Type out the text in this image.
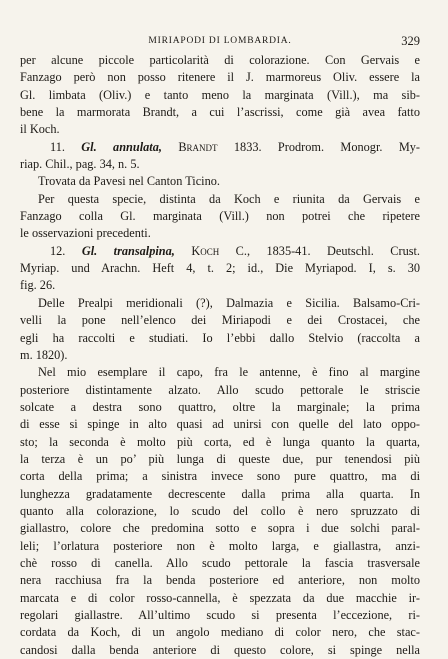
MIRIAPODI DI LOMBARDIA.	329
per alcune piccole particolarità di colorazione. Con Gervais e
Fanzago però non posso ritenere il J. marmoreus Oliv. essere la
Gl. limbata (Oliv.) e tanto meno la marginata (Vill.), ma sib-
bene la marmorata Brandt, a cui l’ascrissi, come già avea fatto
il Koch.
11. Gl. annulata, Brandt 1833. Prodrom. Monogr. My-
riap. Chil., pag. 34, n. 5.
Trovata da Pavesi nel Canton Ticino.
Per questa specie, distinta da Koch e riunita da Gervais e
Fanzago colla Gl. marginata (Vill.) non potrei che ripetere
le osservazioni precedenti.
12. Gl. transalpina, Koch C., 1835-41. Deutschl. Crust.
Myriap. und Arachn. Heft 4, t. 2; id., Die Myriapod. I, s. 30
fig. 26.
Delle Prealpi meridionali (?), Dalmazia e Sicilia. Balsamo-Cri-
velli la pone nell’elenco dei Miriapodi e dei Crostacei, che
egli ha raccolti e studiati. Io l’ebbi dallo Stelvio (raccolta a
m. 1820).
Nel mio esemplare il capo, fra le antenne, è fino al margine
posteriore distintamente alzato. Allo scudo pettorale le striscie
solcate a destra sono quattro, oltre la marginale; la prima
di esse si spinge in alto quasi ad unirsi con quelle del lato oppo-
sto; la seconda è molto più corta, ed è lunga quanto la quarta,
la terza è un po’ più lunga di queste due, pur tenendosi più
corta della prima; a sinistra invece sono pure quattro, ma di
lunghezza gradatamente decrescente dalla prima alla quarta. In
quanto alla colorazione, lo scudo del collo è nero spruzzato di
giallastro, colore che predomina sotto e sopra i due solchi paral-
leli; l’orlatura posteriore non è molto larga, e giallastra, anzi-
chè rosso di canella. Allo scudo pettorale la fascia trasversale
nera racchiusa fra la benda posteriore ed anteriore, non molto
marcata e di color rosso-cannella, è spezzata da due macchie ir-
regolari giallastre. All’ultimo scudo si presenta l’eccezione, ri-
cordata da Koch, di un angolo mediano di color nero, che stac-
candosi dalla benda anteriore di questo colore, si spinge nella
